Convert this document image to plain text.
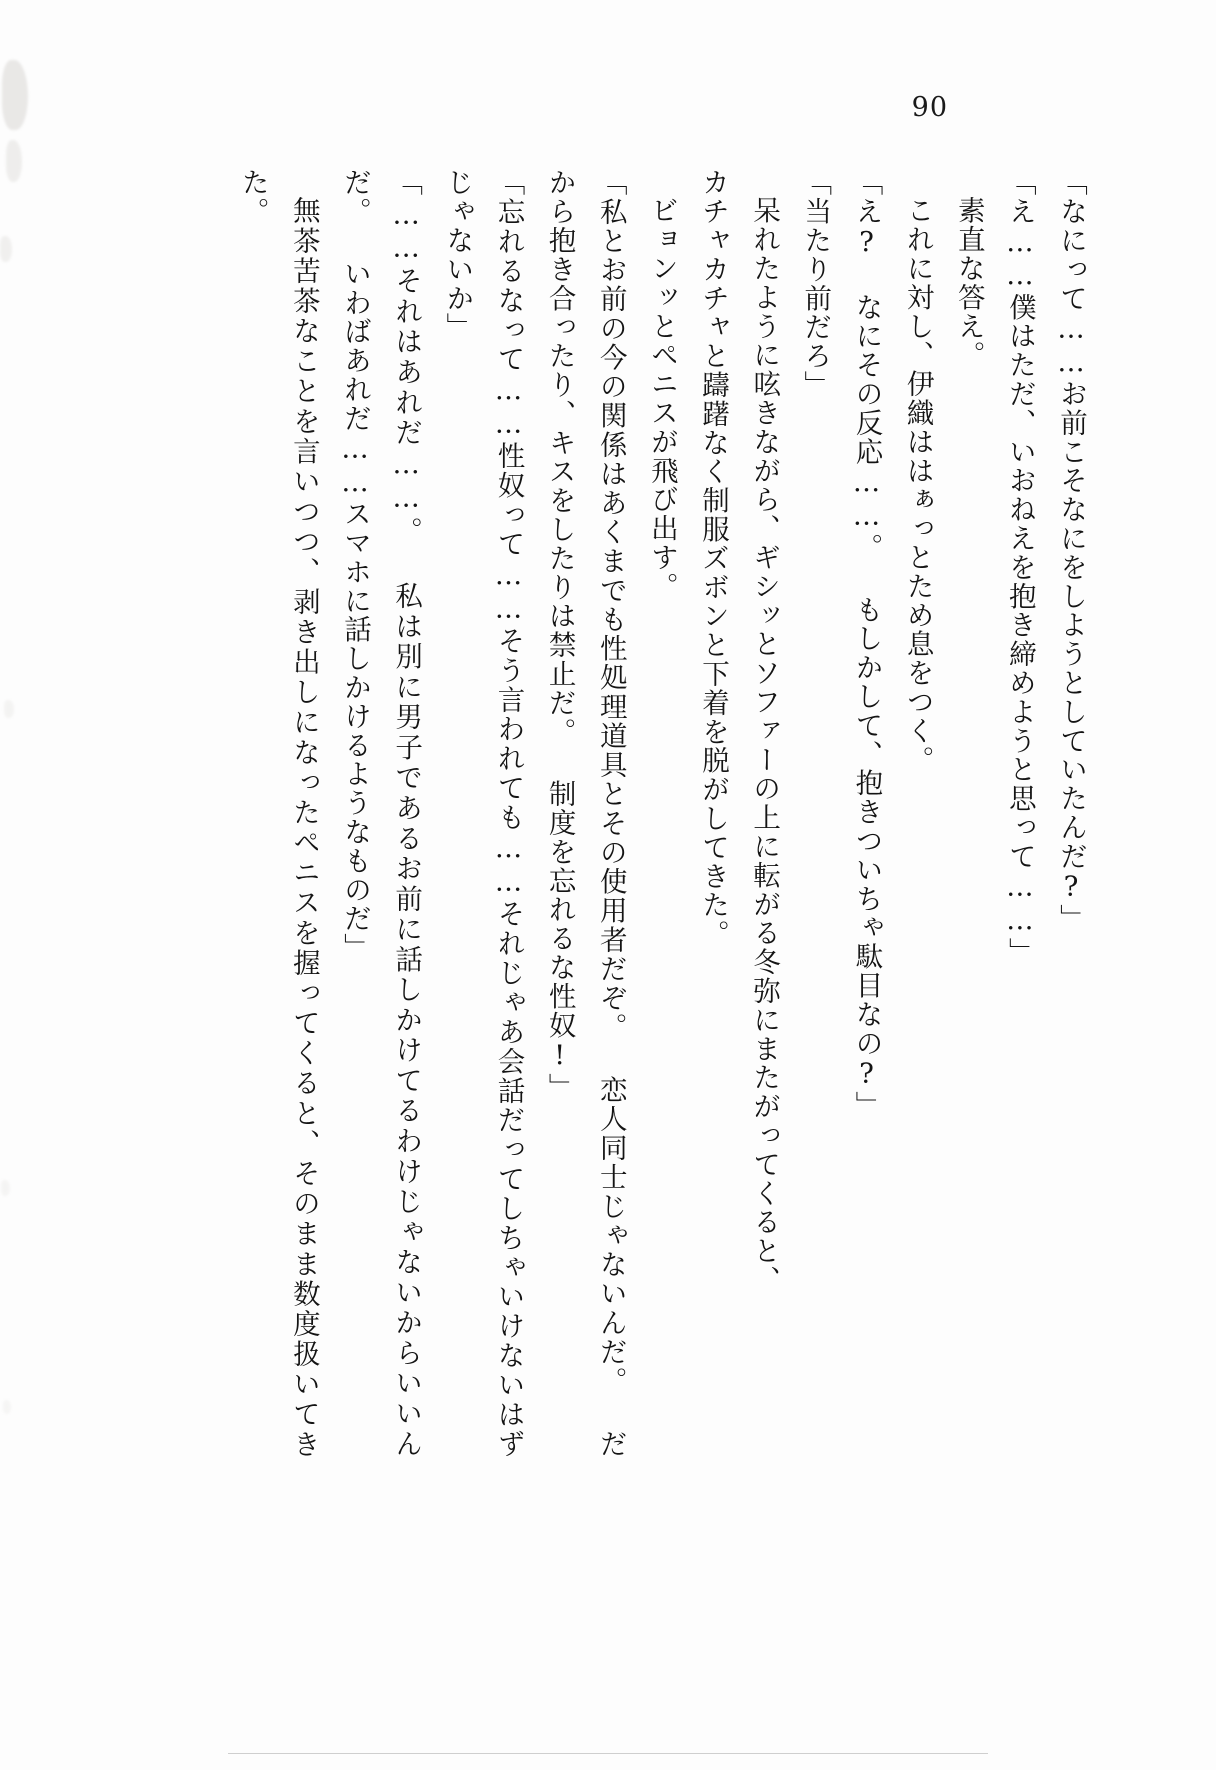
90

「なにって……お前こそなにをしようとしていたんだ?」

「え……僕はただ、いおねえを抱き締めようと思って……」

素直な答え。

これに対し、伊織ははぁっとため息をつく。

「え? なにその反応……。 もしかして、抱きついちゃ駄目なの?」

「当たり前だろ」

呆れたように呟きながら、ギシッとソファーの上に転がる冬弥にまたがってくると、

カチャカチャと躊躇なく制服ズボンと下着を脱がしてきた。

ビョンッとペニスが飛び出す。

「私とお前の今の関係はあくまでも性処理道具とその使用者だぞ。 恋人同士じゃないんだ。 だから抱き合ったり、キスをしたりは禁止だ。 制度を忘れるな性奴!」

「忘れるなって……性奴って……そう言われても……それじゃあ会話だってしちゃいけないはずじゃないか」

「……それはあれだ……。 私は別に男子であるお前に話しかけてるわけじゃないからいいんだ。 いわばあれだ……スマホに話しかけるようなものだ」

無茶苦茶なことを言いつつ、剥き出しになったペニスを握ってくると、そのまま数度扱いてきた。
